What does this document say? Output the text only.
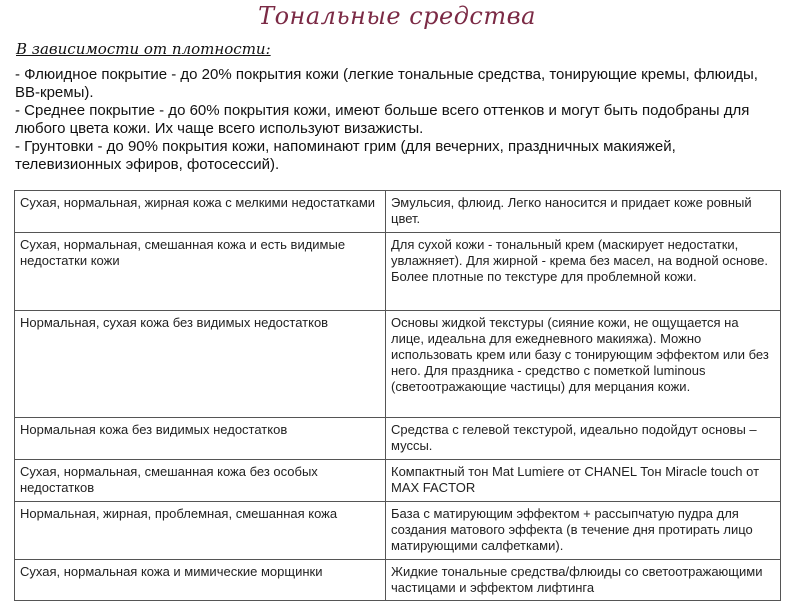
Тональные средства
В зависимости от плотности:

- Флюидное покрытие - до 20% покрытия кожи (легкие тональные средства, тонирующие кремы, флюиды, ВВ-кремы).

- Среднее покрытие - до 60% покрытия кожи, имеют больше всего оттенков и могут быть подобраны для любого цвета кожи. Их чаще всего используют визажисты.

- Грунтовки - до 90% покрытия кожи, напоминают грим (для вечерних, праздничных макияжей, телевизионных эфиров, фотосессий).

Сухая, нормальная, жирная кожа с мелкими недостатками	Эмульсия, флюид. Легко наносится и придает коже ровный цвет.
Сухая, нормальная, смешанная кожа и есть видимые недостатки кожи	Для сухой кожи - тональный крем (маскирует недостатки, увлажняет). Для жирной - крема без масел, на водной основе. Более плотные по текстуре для проблемной кожи.
Нормальная, сухая кожа без видимых недостатков	Основы жидкой текстуры (сияние кожи, не ощущается на лице, идеальна для ежедневного макияжа). Можно использовать крем или базу с тонирующим эффектом или без него. Для праздника - средство с пометкой luminous (светоотражающие частицы) для мерцания кожи.
Нормальная кожа без видимых недостатков	Средства с гелевой текстурой, идеально подойдут основы – муссы.
Сухая, нормальная, смешанная кожа без особых недостатков	Компактный тон Mat Lumiere от CHANEL Тон Miracle touch от MAX FACTOR
Нормальная, жирная, проблемная, смешанная кожа	База с матирующим эффектом + рассыпчатую пудра для создания матового эффекта (в течение дня протирать лицо матирующими салфетками).
Сухая, нормальная кожа и мимические морщинки	Жидкие тональные средства/флюиды со светоотражающими частицами и эффектом лифтинга
